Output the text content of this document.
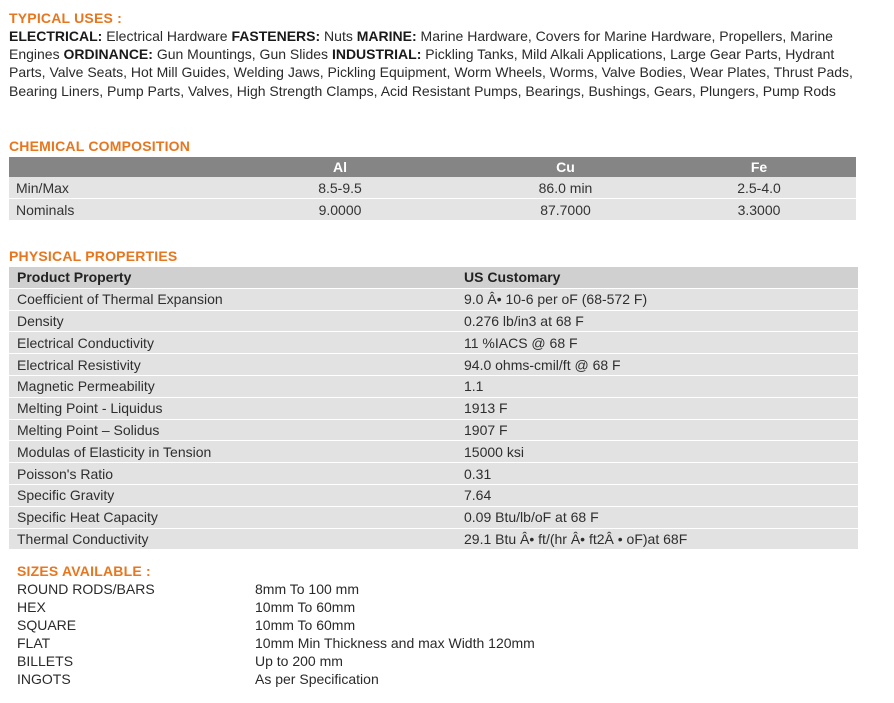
TYPICAL USES :
ELECTRICAL: Electrical Hardware FASTENERS: Nuts MARINE: Marine Hardware, Covers for Marine Hardware, Propellers, Marine Engines ORDINANCE: Gun Mountings, Gun Slides INDUSTRIAL: Pickling Tanks, Mild Alkali Applications, Large Gear Parts, Hydrant Parts, Valve Seats, Hot Mill Guides, Welding Jaws, Pickling Equipment, Worm Wheels, Worms, Valve Bodies, Wear Plates, Thrust Pads, Bearing Liners, Pump Parts, Valves, High Strength Clamps, Acid Resistant Pumps, Bearings, Bushings, Gears, Plungers, Pump Rods
CHEMICAL COMPOSITION
	Al	Cu	Fe
Min/Max	8.5-9.5	86.0 min	2.5-4.0
Nominals	9.0000	87.7000	3.3000
PHYSICAL PROPERTIES
Product Property	US Customary
Coefficient of Thermal Expansion	9.0 Â• 10-6 per oF (68-572 F)
Density	0.276 lb/in3 at 68 F
Electrical Conductivity	11 %IACS @ 68 F
Electrical Resistivity	94.0 ohms-cmil/ft @ 68 F
Magnetic Permeability	1.1
Melting Point - Liquidus	1913 F
Melting Point – Solidus	1907 F
Modulas of Elasticity in Tension	15000 ksi
Poisson's Ratio	0.31
Specific Gravity	7.64
Specific Heat Capacity	0.09 Btu/lb/oF at 68 F
Thermal Conductivity	29.1 Btu Â• ft/(hr Â• ft2Â • oF)at 68F
SIZES AVAILABLE :
ROUND RODS/BARS	8mm To 100 mm
HEX	10mm To 60mm
SQUARE	10mm To 60mm
FLAT	10mm Min Thickness and max Width 120mm
BILLETS	Up to 200 mm
INGOTS	As per Specification
